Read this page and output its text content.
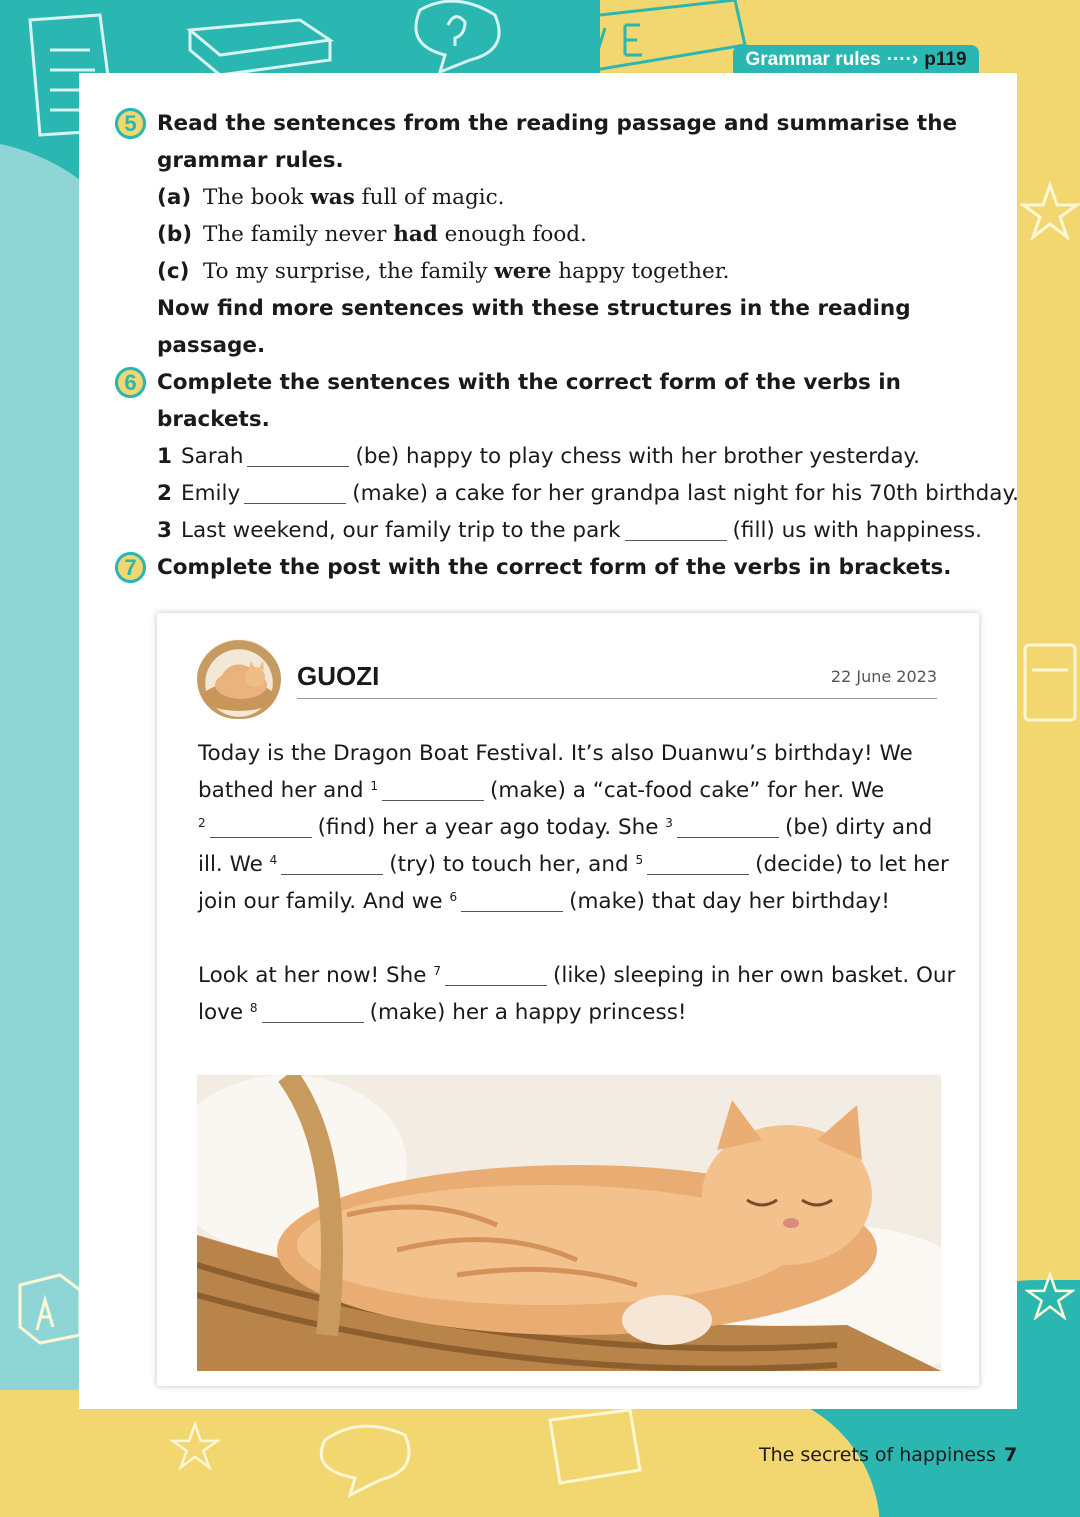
Grammar rules ····› p119
5 Read the sentences from the reading passage and summarise the
grammar rules.
(a) The book was full of magic.
(b) The family never had enough food.
(c) To my surprise, the family were happy together.
Now find more sentences with these structures in the reading passage.
6 Complete the sentences with the correct form of the verbs in brackets.
1 Sarah	(be) happy to play chess with her brother yesterday.
2 Emily	(make) a cake for her grandpa last night for his 70th birthday.
3 Last weekend, our family trip to the park	(fill) us with happiness.
7 Complete the post with the correct form of the verbs in brackets.
GUOZI	22 June 2023

Today is the Dragon Boat Festival. It’s also Duanwu’s birthday! We

bathed her and $^1$	(make) a “cat-food cake” for her. We

$^2$	(find) her a year ago today. She $^3$	(be) dirty and

ill. We $^4$	(try) to touch her, and $^5$	(decide) to let her

join our family. And we $^6$	(make) that day her birthday!

Look at her now! She $^7$	(like) sleeping in her own basket. Our

love $^8$	(make) her a happy princess!

The secrets of happiness 7
